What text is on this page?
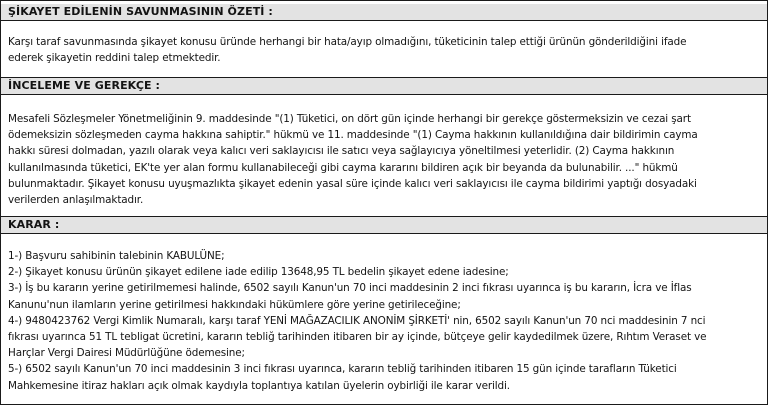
ŞİKAYET EDİLENİN SAVUNMASININ ÖZETİ :
Karşı taraf savunmasında şikayet konusu üründe herhangi bir hata/ayıp olmadığını, tüketicinin talep ettiği ürünün gönderildiğini ifade
ederek şikayetin reddini talep etmektedir.
İNCELEME VE GEREKÇE :
Mesafeli Sözleşmeler Yönetmeliğinin 9. maddesinde "(1) Tüketici, on dört gün içinde herhangi bir gerekçe göstermeksizin ve cezai şart
ödemeksizin sözleşmeden cayma hakkına sahiptir." hükmü ve 11. maddesinde "(1) Cayma hakkının kullanıldığına dair bildirimin cayma
hakkı süresi dolmadan, yazılı olarak veya kalıcı veri saklayıcısı ile satıcı veya sağlayıcıya yöneltilmesi yeterlidir. (2) Cayma hakkının
kullanılmasında tüketici, EK'te yer alan formu kullanabileceği gibi cayma kararını bildiren açık bir beyanda da bulunabilir. ..." hükmü
bulunmaktadır. Şikayet konusu uyuşmazlıkta şikayet edenin yasal süre içinde kalıcı veri saklayıcısı ile cayma bildirimi yaptığı dosyadaki
verilerden anlaşılmaktadır.
KARAR :
1-) Başvuru sahibinin talebinin KABULÜNE;
2-) Şikayet konusu ürünün şikayet edilene iade edilip 13648,95 TL bedelin şikayet edene iadesine;
3-) İş bu kararın yerine getirilmemesi halinde, 6502 sayılı Kanun'un 70 inci maddesinin 2 inci fıkrası uyarınca iş bu kararın, İcra ve İflas
Kanunu'nun ilamların yerine getirilmesi hakkındaki hükümlere göre yerine getirileceğine;
4-) 9480423762 Vergi Kimlik Numaralı, karşı taraf YENİ MAĞAZACILIK ANONİM ŞİRKETİ' nin, 6502 sayılı Kanun'un 70 nci maddesinin 7 nci
fıkrası uyarınca 51 TL tebligat ücretini, kararın tebliğ tarihinden itibaren bir ay içinde, bütçeye gelir kaydedilmek üzere, Rıhtım Veraset ve
Harçlar Vergi Dairesi Müdürlüğüne ödemesine;
5-) 6502 sayılı Kanun'un 70 inci maddesinin 3 inci fıkrası uyarınca, kararın tebliğ tarihinden itibaren 15 gün içinde tarafların Tüketici
Mahkemesine itiraz hakları açık olmak kaydıyla toplantıya katılan üyelerin oybirliği ile karar verildi.
